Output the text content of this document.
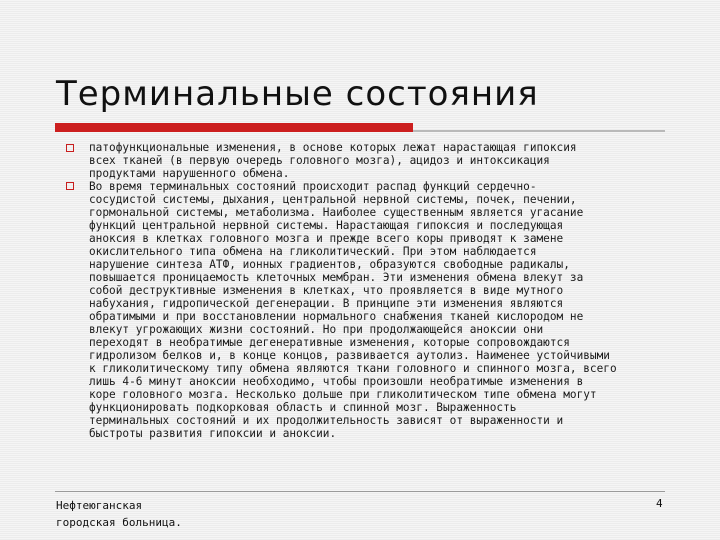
Терминальные состояния

патофункциональные изменения, в основе которых лежат нарастающая гипоксия
всех тканей (в первую очередь головного мозга), ацидоз и интоксикация
продуктами нарушенного обмена.

Во время терминальных состояний происходит распад функций сердечно-
сосудистой системы, дыхания, центральной нервной системы, почек, печении,
гормональной системы, метаболизма. Наиболее существенным является угасание
функций центральной нервной системы. Нарастающая гипоксия и последующая
аноксия в клетках головного мозга и прежде всего коры приводят к замене
окислительного типа обмена на гликолитический. При этом наблюдается
нарушение синтеза АТФ, ионных градиентов, образуются свободные радикалы,
повышается проницаемость клеточных мембран. Эти изменения обмена влекут за
собой деструктивные изменения в клетках, что проявляется в виде мутного
набухания, гидропической дегенерации. В принципе эти изменения являются
обратимыми и при восстановлении нормального снабжения тканей кислородом не
влекут угрожающих жизни состояний. Но при продолжающейся аноксии они
переходят в необратимые дегенеративные изменения, которые сопровождаются
гидролизом белков и, в конце концов, развивается аутолиз. Наименее устойчивыми
к гликолитическому типу обмена являются ткани головного и спинного мозга, всего
лишь 4-6 минут аноксии необходимо, чтобы произошли необратимые изменения в
коре головного мозга. Несколько дольше при гликолитическом типе обмена могут
функционировать подкорковая область и спинной мозг. Выраженность
терминальных состояний и их продолжительность зависят от выраженности и
быстроты развития гипоксии и аноксии.

Нефтеюганская
городская больница.
4
